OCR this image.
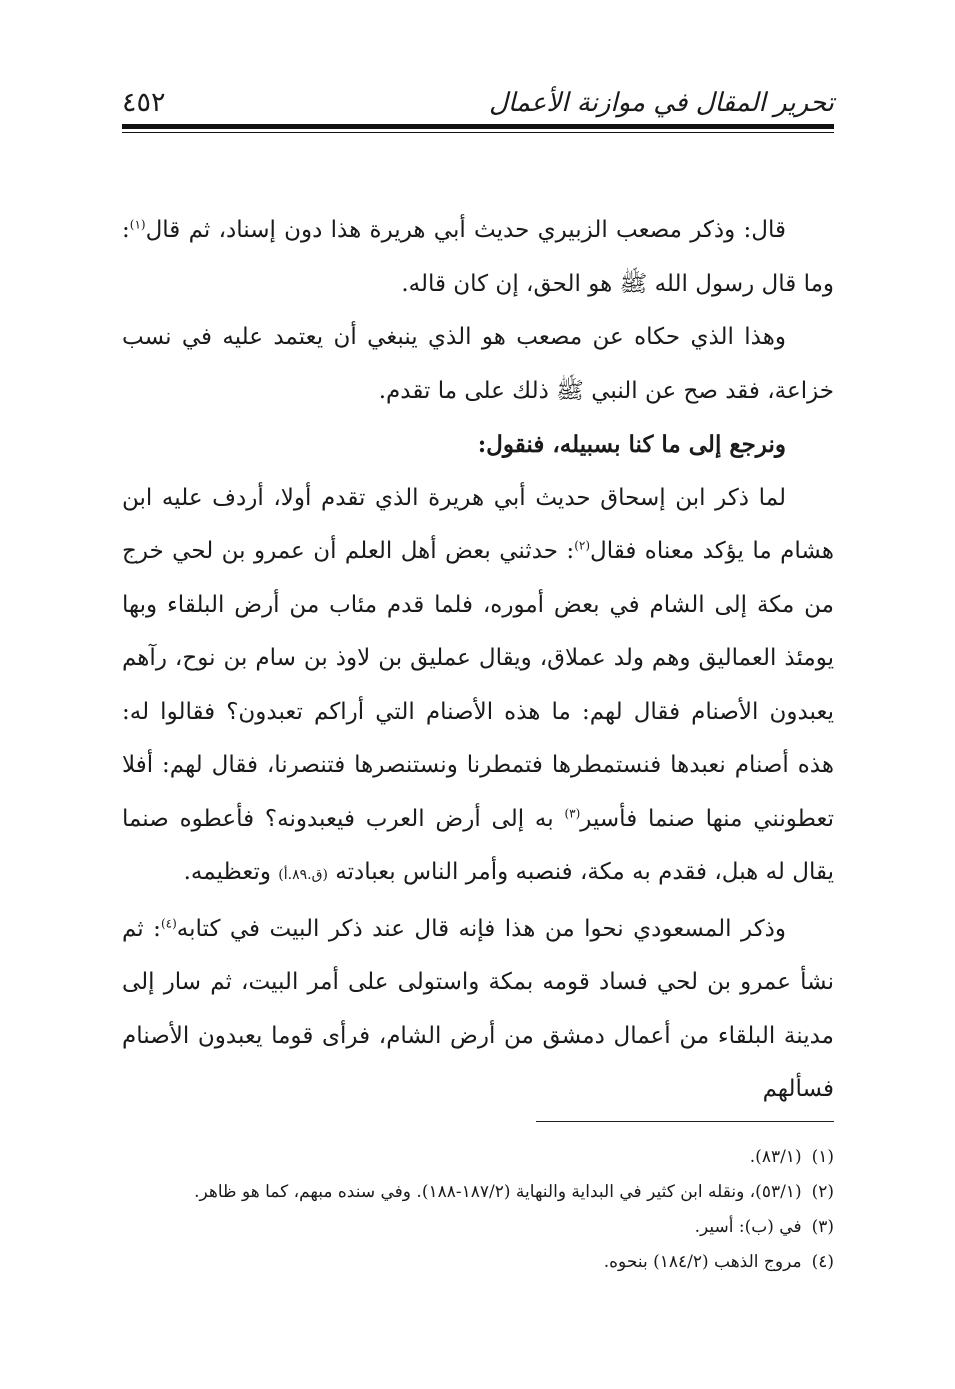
تحرير المقال في موازنة الأعمال
٤٥٢

قال: وذكر مصعب الزبيري حديث أبي هريرة هذا دون إسناد، ثم قال$^{(١)}$: وما قال رسول الله ﷺ هو الحق، إن كان قاله.

وهذا الذي حكاه عن مصعب هو الذي ينبغي أن يعتمد عليه في نسب خزاعة، فقد صح عن النبي ﷺ ذلك على ما تقدم.

ونرجع إلى ما كنا بسبيله، فنقول:

لما ذكر ابن إسحاق حديث أبي هريرة الذي تقدم أولا، أردف عليه ابن هشام ما يؤكد معناه فقال$^{(٢)}$: حدثني بعض أهل العلم أن عمرو بن لحي خرج من مكة إلى الشام في بعض أموره، فلما قدم مئاب من أرض البلقاء وبها يومئذ العماليق وهم ولد عملاق، ويقال عمليق بن لاوذ بن سام بن نوح، رآهم يعبدون الأصنام فقال لهم: ما هذه الأصنام التي أراكم تعبدون؟ فقالوا له: هذه أصنام نعبدها فنستمطرها فتمطرنا ونستنصرها فتنصرنا، فقال لهم: أفلا تعطونني منها صنما فأسير$^{(٣)}$ به إلى أرض العرب فيعبدونه؟ فأعطوه صنما يقال له هبل، فقدم به مكة، فنصبه وأمر الناس بعبادته (ق.٨٩.أ) وتعظيمه.

وذكر المسعودي نحوا من هذا فإنه قال عند ذكر البيت في كتابه$^{(٤)}$: ثم نشأ عمرو بن لحي فساد قومه بمكة واستولى على أمر البيت، ثم سار إلى مدينة البلقاء من أعمال دمشق من أرض الشام، فرأى قوما يعبدون الأصنام فسألهم

(١)(٨٣/١).
(٢)(٥٣/١)، ونقله ابن كثير في البداية والنهاية (١٨٧/٢-١٨٨). وفي سنده مبهم، كما هو ظاهر.
(٣)في (ب): أسير.
(٤)مروج الذهب (١٨٤/٢) بنحوه.
